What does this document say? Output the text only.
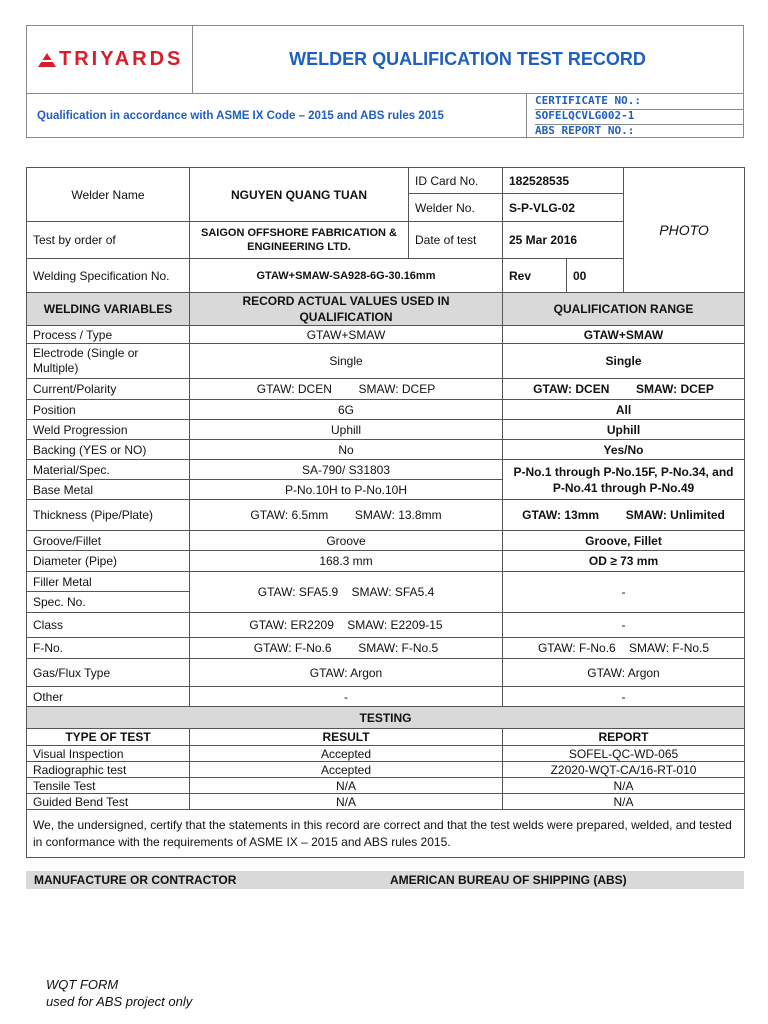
TRIYARDS	WELDER QUALIFICATION TEST RECORD
Qualification in accordance with ASME IX Code – 2015 and ABS rules 2015
CERTIFICATE NO.:
SOFELQCVLG002-1
ABS REPORT NO.:
Welder Name	NGUYEN QUANG TUAN	ID Card No.	182528535		PHOTO
		Welder No.	S-P-VLG-02		
Test by order of	SAIGON OFFSHORE FABRICATION & ENGINEERING LTD.	Date of test	25 Mar 2016		
Welding Specification No.	GTAW+SMAW-SA928-6G-30.16mm		Rev	00	
WELDING VARIABLES	RECORD ACTUAL VALUES USED IN QUALIFICATION		QUALIFICATION RANGE		
Process / Type	GTAW+SMAW		GTAW+SMAW		
Electrode (Single or Multiple)	Single		Single		
Current/Polarity	GTAW: DCEN        SMAW: DCEP		GTAW: DCEN        SMAW: DCEP		
Position	6G		All		
Weld Progression	Uphill		Uphill		
Backing (YES or NO)	No		Yes/No		
Material/Spec.	SA-790/ S31803		P-No.1 through P-No.15F, P-No.34, and P-No.41 through P-No.49		
Base Metal	P-No.10H to P-No.10H				
Thickness (Pipe/Plate)	GTAW: 6.5mm        SMAW: 13.8mm		GTAW: 13mm        SMAW: Unlimited		
Groove/Fillet	Groove		Groove, Fillet		
Diameter (Pipe)	168.3 mm		OD ≥ 73 mm		
Filler Metal	GTAW: SFA5.9    SMAW: SFA5.4		-		
Spec. No.					
Class	GTAW: ER2209    SMAW: E2209-15		-		
F-No.	GTAW: F-No.6        SMAW: F-No.5		GTAW: F-No.6    SMAW: F-No.5		
Gas/Flux Type	GTAW: Argon		GTAW: Argon		
Other	-		-		
TESTING					
TYPE OF TEST	RESULT		REPORT		
Visual Inspection	Accepted		SOFEL-QC-WD-065		
Radiographic test	Accepted		Z2020-WQT-CA/16-RT-010		
Tensile Test	N/A		N/A		
Guided Bend Test	N/A		N/A		
We, the undersigned, certify that the statements in this record are correct and that the test welds were prepared, welded, and tested in conformance with the requirements of ASME IX – 2015 and ABS rules 2015.					
MANUFACTURE OR CONTRACTOR	AMERICAN BUREAU OF SHIPPING (ABS)
WQT FORM
used for ABS project only
